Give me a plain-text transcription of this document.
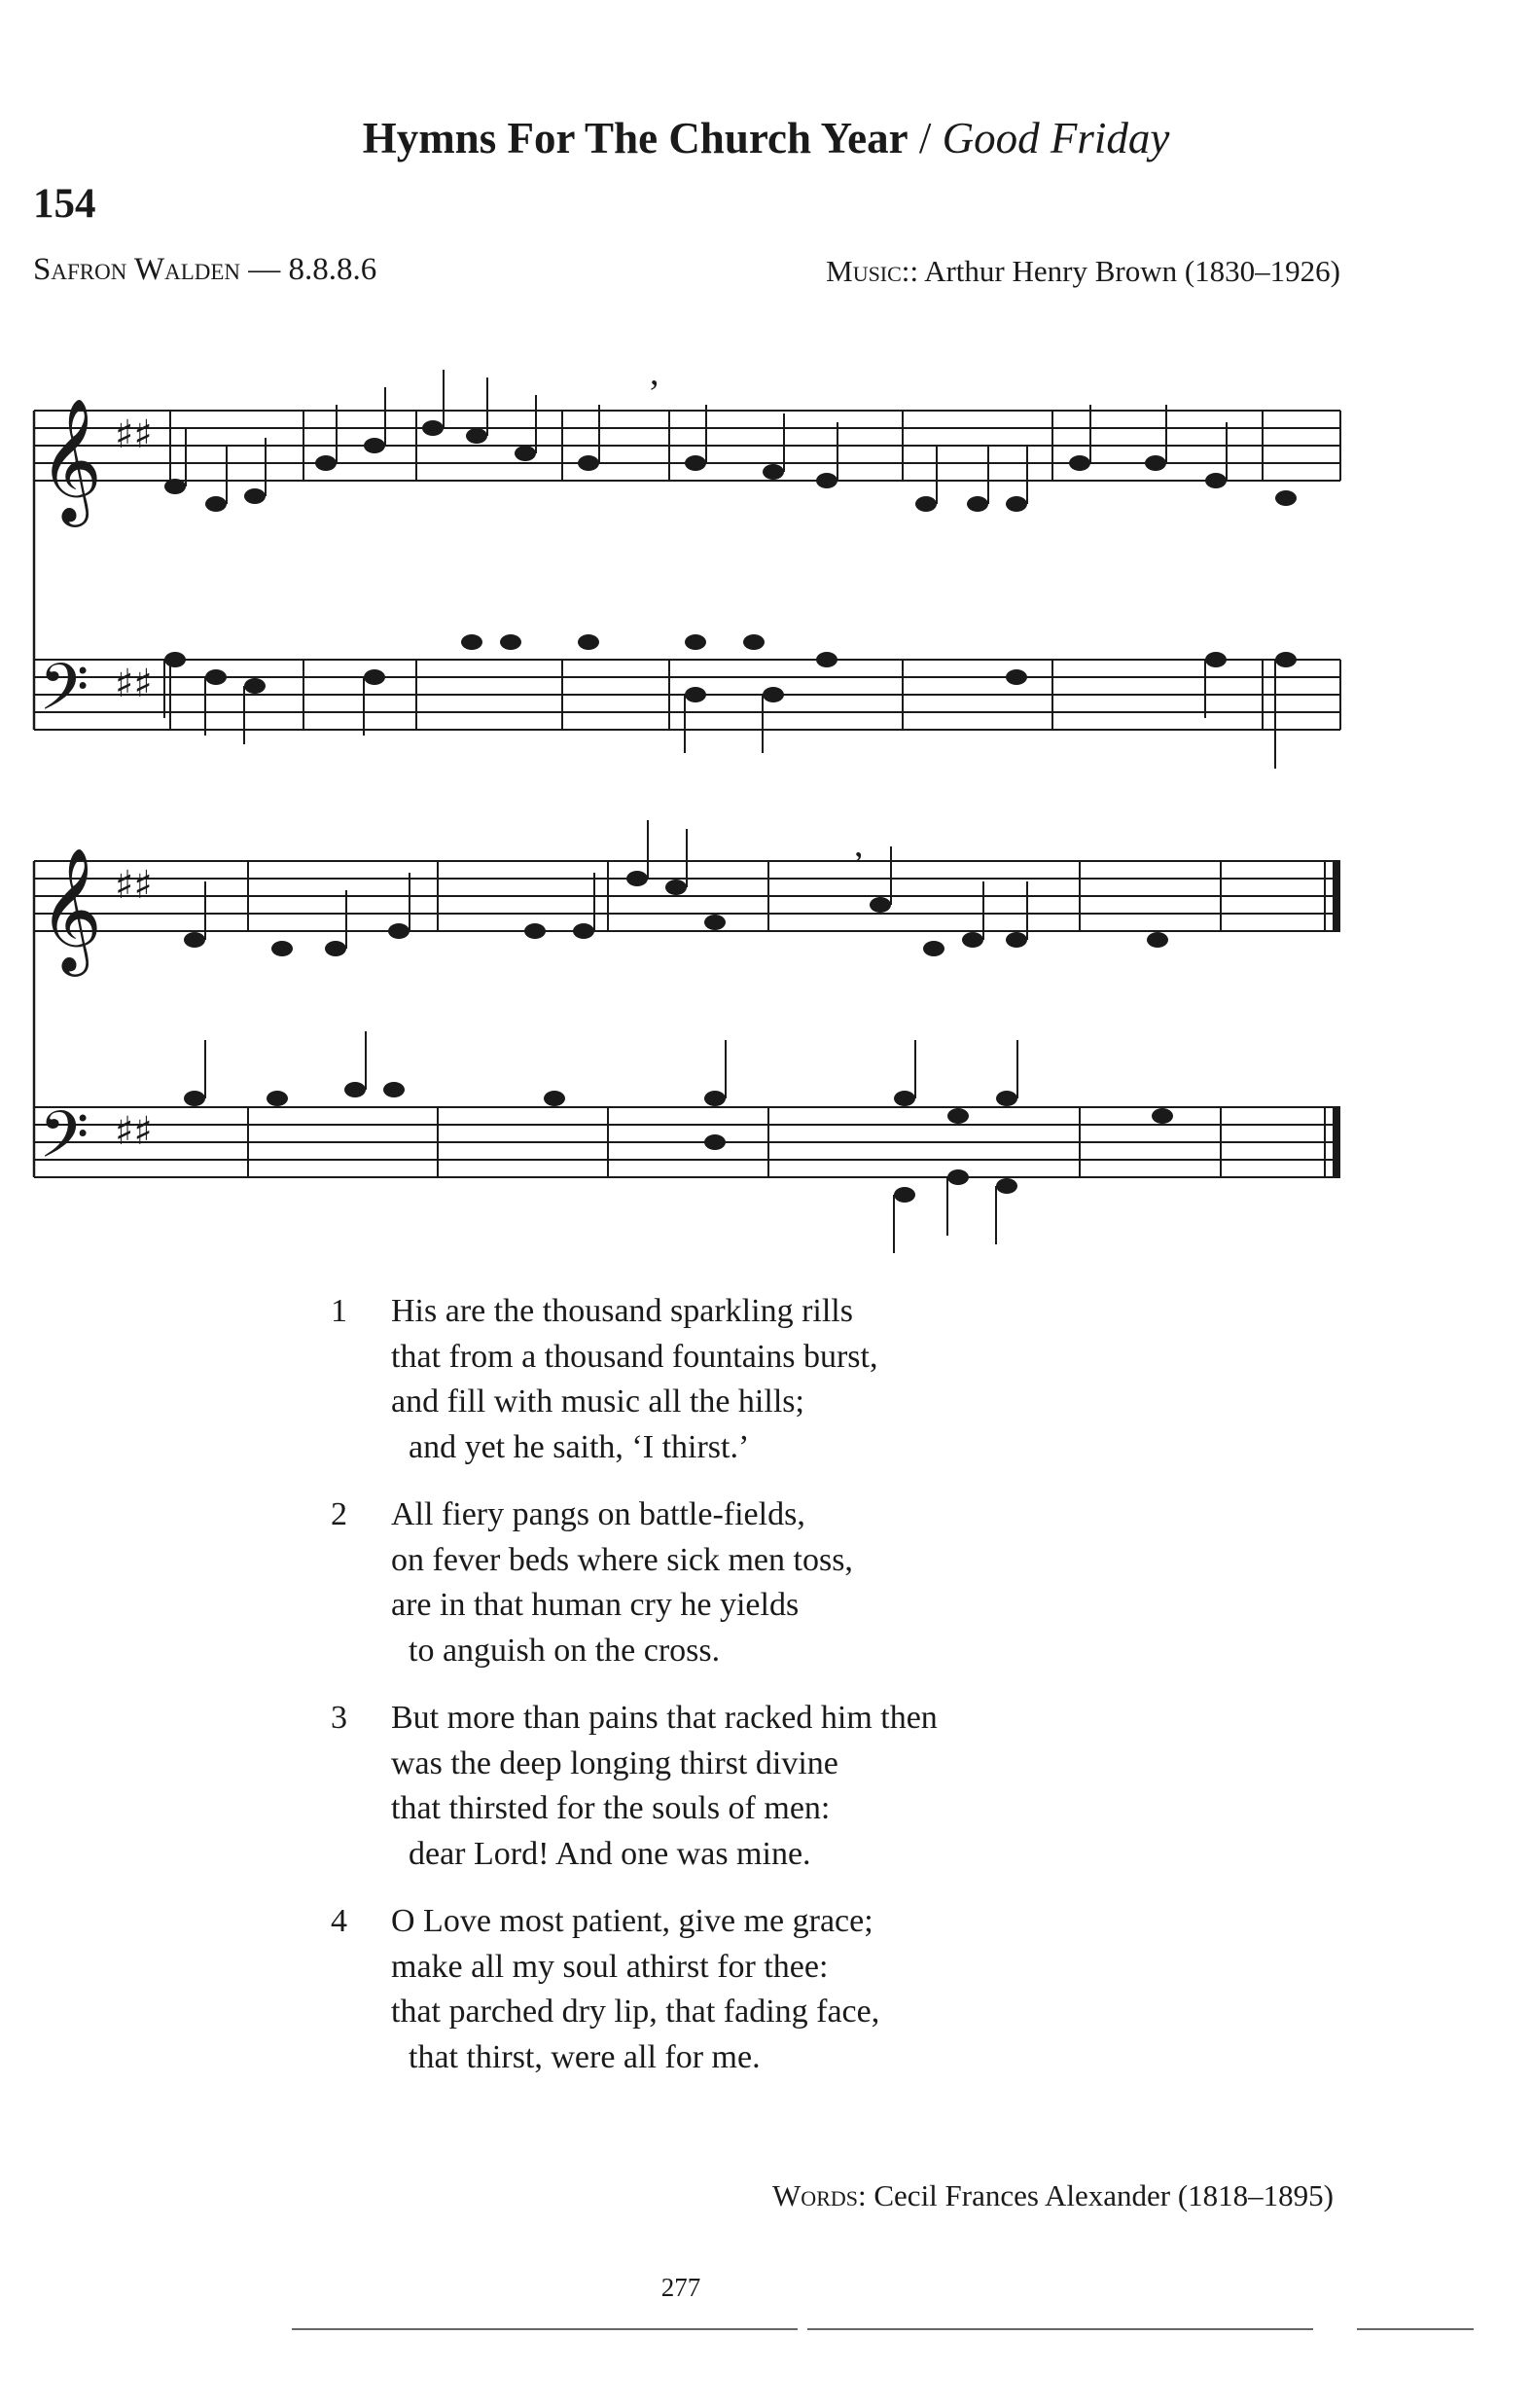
Hymns For The Church Year / Good Friday
154
Safron Walden — 8.8.8.6	Music:: Arthur Henry Brown (1830–1926)
𝄞
𝄢
♯♯
♯♯
,
𝄞
𝄢
♯♯
♯♯
,
1	His are the thousand sparkling rills
that from a thousand fountains burst,
and fill with music all the hills;
and yet he saith, ‘I thirst.’
2	All fiery pangs on battle-fields,
on fever beds where sick men toss,
are in that human cry he yields
to anguish on the cross.
3	But more than pains that racked him then
was the deep longing thirst divine
that thirsted for the souls of men:
dear Lord! And one was mine.
4	O Love most patient, give me grace;
make all my soul athirst for thee:
that parched dry lip, that fading face,
that thirst, were all for me.
Words: Cecil Frances Alexander (1818–1895)
277
